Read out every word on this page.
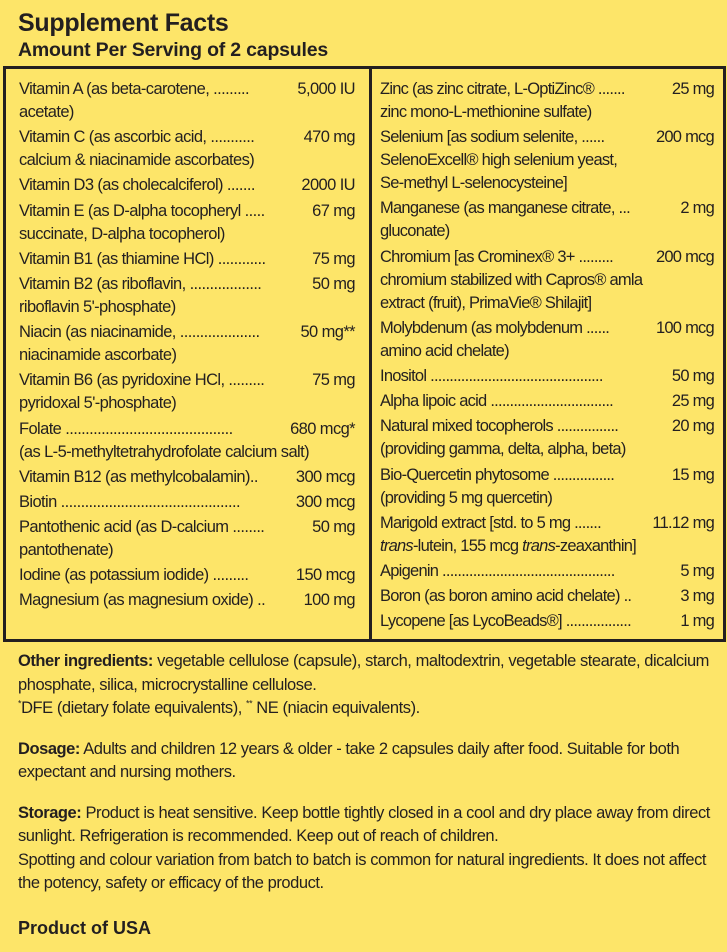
Supplement Facts
Amount Per Serving of 2 capsules
Vitamin A (as beta-carotene, .........	5,000 IU
acetate)
Vitamin C (as ascorbic acid, ...........	470 mg
calcium & niacinamide ascorbates)
Vitamin D3 (as cholecalciferol) .......	2000 IU
Vitamin E (as D-alpha tocopheryl .....	67 mg
succinate, D-alpha tocopherol)
Vitamin B1 (as thiamine HCl) ............	75 mg
Vitamin B2 (as riboflavin, ..................	50 mg
riboflavin 5'-phosphate)
Niacin (as niacinamide, .................... 50 mg**
niacinamide ascorbate)
Vitamin B6 (as pyridoxine HCl, .........	75 mg
pyridoxal 5'-phosphate)
Folate ..........................................	680 mcg*
(as L-5-methyltetrahydrofolate calcium salt)
Vitamin B12 (as methylcobalamin).. 300 mcg
Biotin .............................................	300 mcg
Pantothenic acid (as D-calcium ........	50 mg
pantothenate)
Iodine (as potassium iodide) .........	150 mcg
Magnesium (as magnesium oxide) .. 100 mg
Zinc (as zinc citrate, L-OptiZinc® .......	25 mg
zinc mono-L-methionine sulfate)
Selenium [as sodium selenite, ......	200 mcg
SelenoExcell® high selenium yeast,
Se-methyl L-selenocysteine]
Manganese (as manganese citrate, ...	2 mg
gluconate)
Chromium [as Crominex® 3+ .........	200 mcg
chromium stabilized with Capros® amla
extract (fruit), PrimaVie® Shilajit]
Molybdenum (as molybdenum ......	100 mcg
amino acid chelate)
Inositol .............................................	50 mg
Alpha lipoic acid ................................	25 mg
Natural mixed tocopherols ................	20 mg
(providing gamma, delta, alpha, beta)
Bio-Quercetin phytosome ................	15 mg
(providing 5 mg quercetin)
Marigold extract [std. to 5 mg .......	11.12 mg
trans-lutein, 155 mcg trans-zeaxanthin]
Apigenin .............................................	5 mg
Boron (as boron amino acid chelate) ..	3 mg
Lycopene [as LycoBeads®] .................	1 mg

Other ingredients: vegetable cellulose (capsule), starch, maltodextrin, vegetable stearate, dicalcium phosphate, silica, microcrystalline cellulose.
*DFE (dietary folate equivalents), ** NE (niacin equivalents).

Dosage: Adults and children 12 years & older - take 2 capsules daily after food. Suitable for both expectant and nursing mothers.

Storage: Product is heat sensitive. Keep bottle tightly closed in a cool and dry place away from direct sunlight. Refrigeration is recommended. Keep out of reach of children.
Spotting and colour variation from batch to batch is common for natural ingredients. It does not affect the potency, safety or efficacy of the product.

Product of USA
